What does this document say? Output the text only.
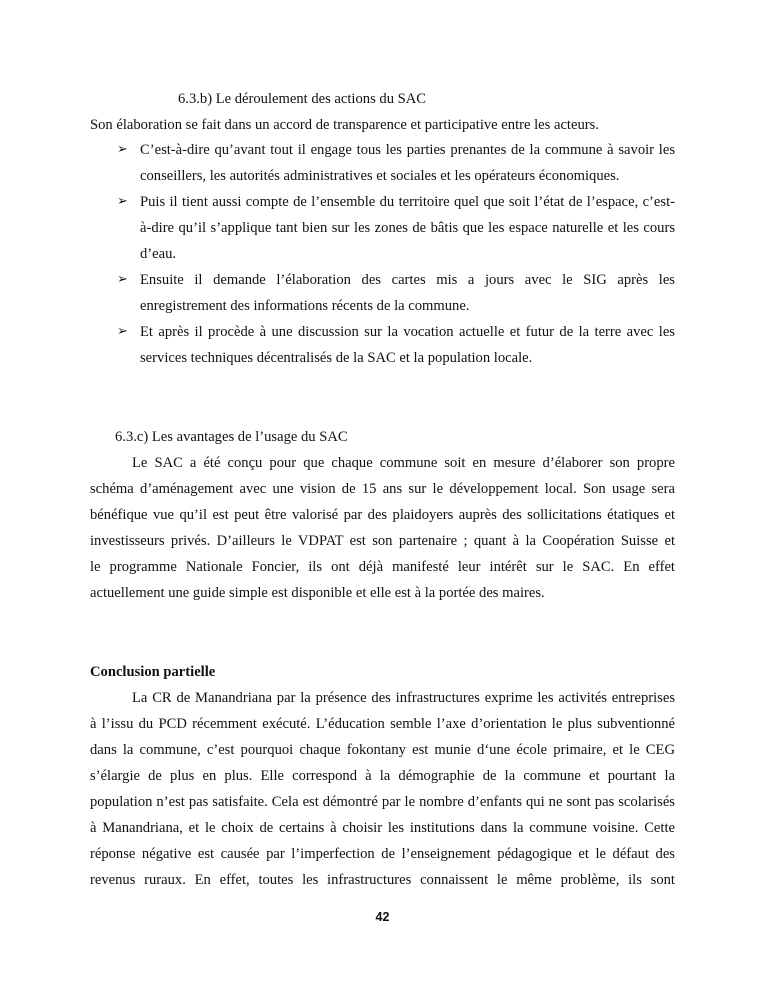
6.3.b) Le déroulement des actions du SAC
Son élaboration se fait dans un accord de transparence et participative entre les acteurs.
➢ C’est-à-dire qu’avant tout il engage tous les parties prenantes de la commune à savoir les
conseillers, les autorités administratives et sociales et les opérateurs économiques.
➢ Puis il tient aussi compte de l’ensemble du territoire quel que soit l’état de l’espace, c’est-
à-dire qu’il s’applique tant bien sur les zones de bâtis que les espace naturelle et les cours
d’eau.
➢ Ensuite il demande l’élaboration des cartes mis a jours avec le SIG après les
enregistrement des informations récents de la commune.
➢ Et après il procède à une discussion sur la vocation actuelle et futur de la terre avec les
services techniques décentralisés de la SAC et la population locale.
6.3.c) Les avantages de l’usage du SAC
Le SAC a été conçu pour que chaque commune soit en mesure d’élaborer son propre
schéma d’aménagement avec une vision de 15 ans sur le développement local. Son usage sera
bénéfique vue qu’il est peut être valorisé par des plaidoyers auprès des sollicitations étatiques et
investisseurs privés. D’ailleurs le VDPAT est son partenaire ; quant à la Coopération Suisse et
le programme Nationale Foncier, ils ont déjà manifesté leur intérêt sur le SAC. En effet
actuellement une guide simple est disponible et elle est à la portée des maires.
Conclusion partielle
La CR de Manandriana par la présence des infrastructures exprime les activités entreprises
à l’issu du PCD récemment exécuté. L’éducation semble l’axe d’orientation le plus subventionné
dans la commune, c’est pourquoi chaque fokontany est munie d‘une école primaire, et le CEG
s’élargie de plus en plus. Elle correspond à la démographie de la commune et pourtant la
population n’est pas satisfaite. Cela est démontré par le nombre d’enfants qui ne sont pas scolarisés
à Manandriana, et le choix de certains à choisir les institutions dans la commune voisine. Cette
réponse négative est causée par l’imperfection de l’enseignement pédagogique et le défaut des
revenus ruraux. En effet, toutes les infrastructures connaissent le même problème, ils sont
42
